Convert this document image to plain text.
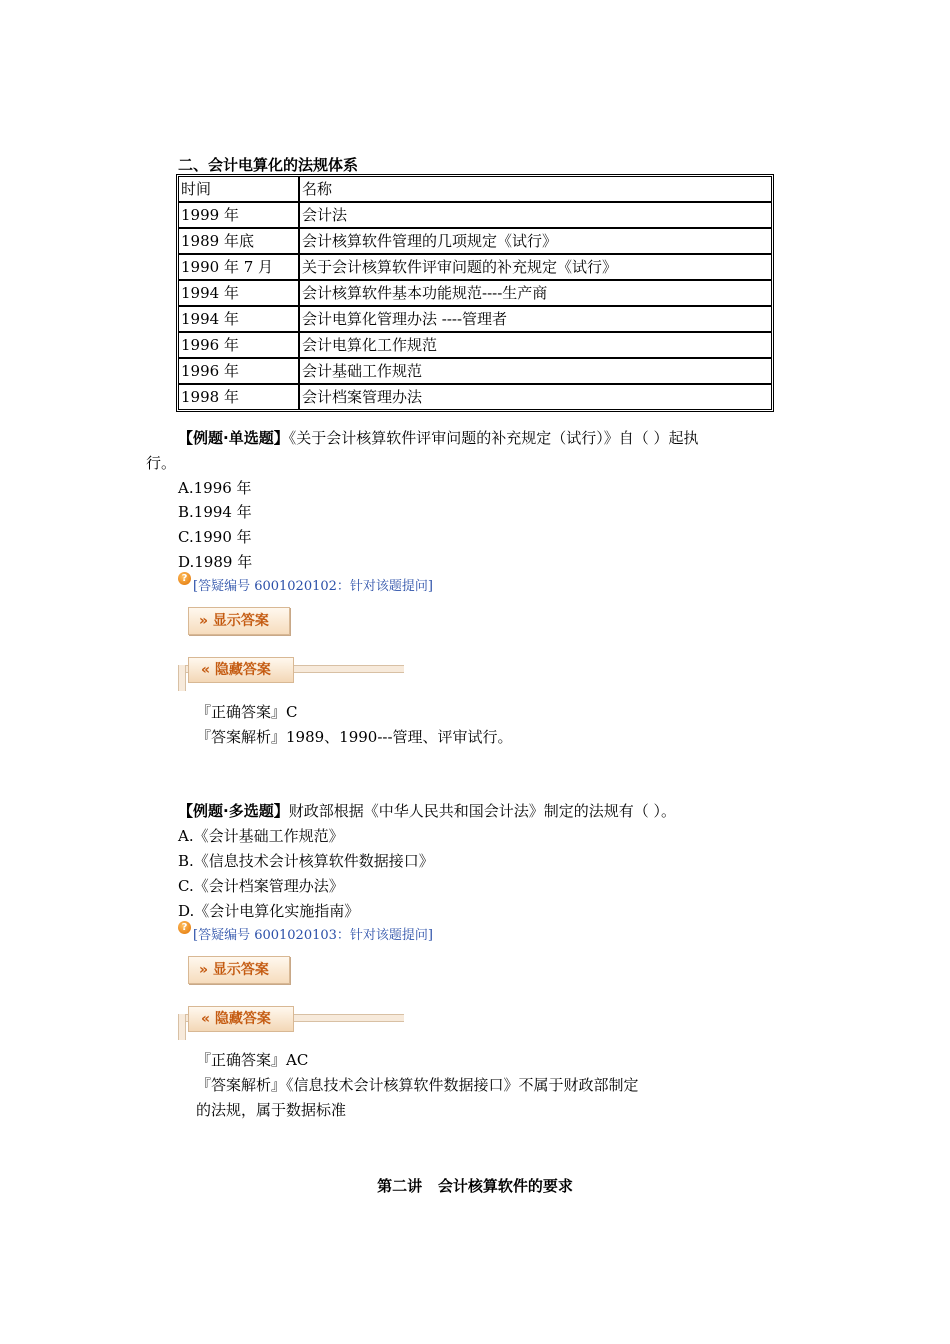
二、会计电算化的法规体系
时间	名称
1999 年	会计法
1989 年底	会计核算软件管理的几项规定《试行》
1990 年 7 月	关于会计核算软件评审问题的补充规定《试行》
1994 年	会计核算软件基本功能规范----生产商
1994 年	会计电算化管理办法 ----管理者
1996 年	会计电算化工作规范
1996 年	会计基础工作规范
1998 年	会计档案管理办法
【例题·单选题】《关于会计核算软件评审问题的补充规定（试行）》自（ ）起执
行。
A.1996 年
B.1994 年
C.1990 年
D.1989 年
?
[答疑编号 6001020102：针对该题提问]
» 显示答案
« 隐藏答案
『正确答案』C
『答案解析』1989、1990---管理、评审试行。
【例题·多选题】财政部根据《中华人民共和国会计法》制定的法规有（ ）。
A.《会计基础工作规范》
B.《信息技术会计核算软件数据接口》
C.《会计档案管理办法》
D.《会计电算化实施指南》
?
[答疑编号 6001020103：针对该题提问]
» 显示答案
« 隐藏答案
『正确答案』AC
『答案解析』《信息技术会计核算软件数据接口》不属于财政部制定
的法规，属于数据标准
第二讲   会计核算软件的要求
